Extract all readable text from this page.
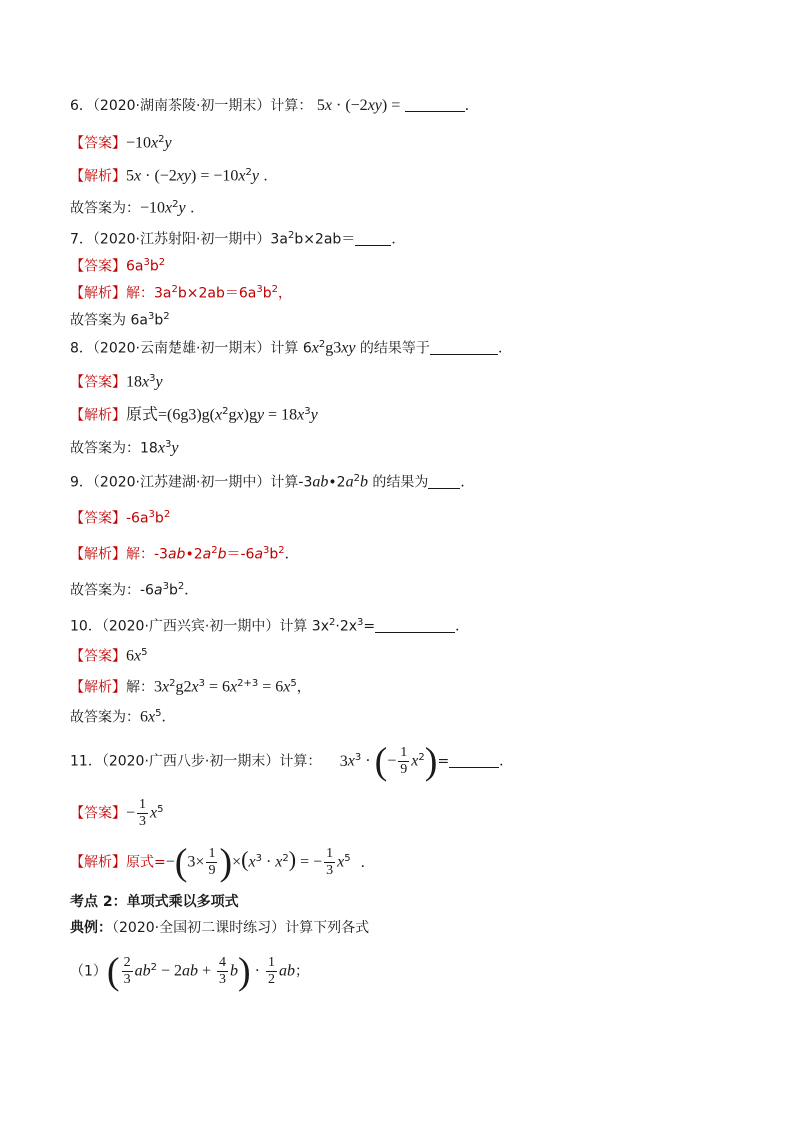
6．（2020·湖南茶陵·初一期末）计算： 5x · (−2xy) =	．
【答案】$-10x^2y$
【解析】$5x \cdot (-2xy) = -10x^2y$ ．
故答案为：$-10x^2y$ ．
7．（2020·江苏射阳·初一期中）$3a^2b\times 2ab=$	．
【答案】$6a^3b^2$
【解析】解：$3a^2b\times 2ab=6a^3b^2$，
故答案为 $6a^3b^2$
8．（2020·云南楚雄·初一期末）计算 $6x^2g3xy$ 的结果等于	．
【答案】$18x^3y$
【解析】原式$=(6g3)g(x^2gx)gy = 18x^3y$
故答案为：$18x^3y$
9．（2020·江苏建湖·初一期中）计算$-3ab•2a^2b$ 的结果为 ．
【答案】$-6a^3b^2$
【解析】解：$-3ab•2a^2b=-6a^3b^2$．
故答案为：$-6a^3b^2$．
10．（2020·广西兴宾·初一期中）计算 $3x^2\cdot 2x^3=$	．
【答案】$6x^5$
【解析】解：$3x^2g2x^3 = 6x^{2+3} = 6x^5$，
故答案为：$6x^5$．
11．（2020·广西八步·初一期末）计算： $3x^3$ · (− $\frac{1}{9} x^2)=$	．
【答案】− $\frac{1}{3} x^5$
【解析】原式$=-(3\times \frac{1}{9} )\times(x^3 \cdot x^2)$ = − $\frac{1}{3} x^5$ ．
考点 2：单项式乘以多项式
典例：（2020·全国初二课时练习）计算下列各式
$(1)( \frac{2}{3} ab^2 - 2ab + \frac{4}{3} b) \cdot \frac{1}{2}$ ab；
